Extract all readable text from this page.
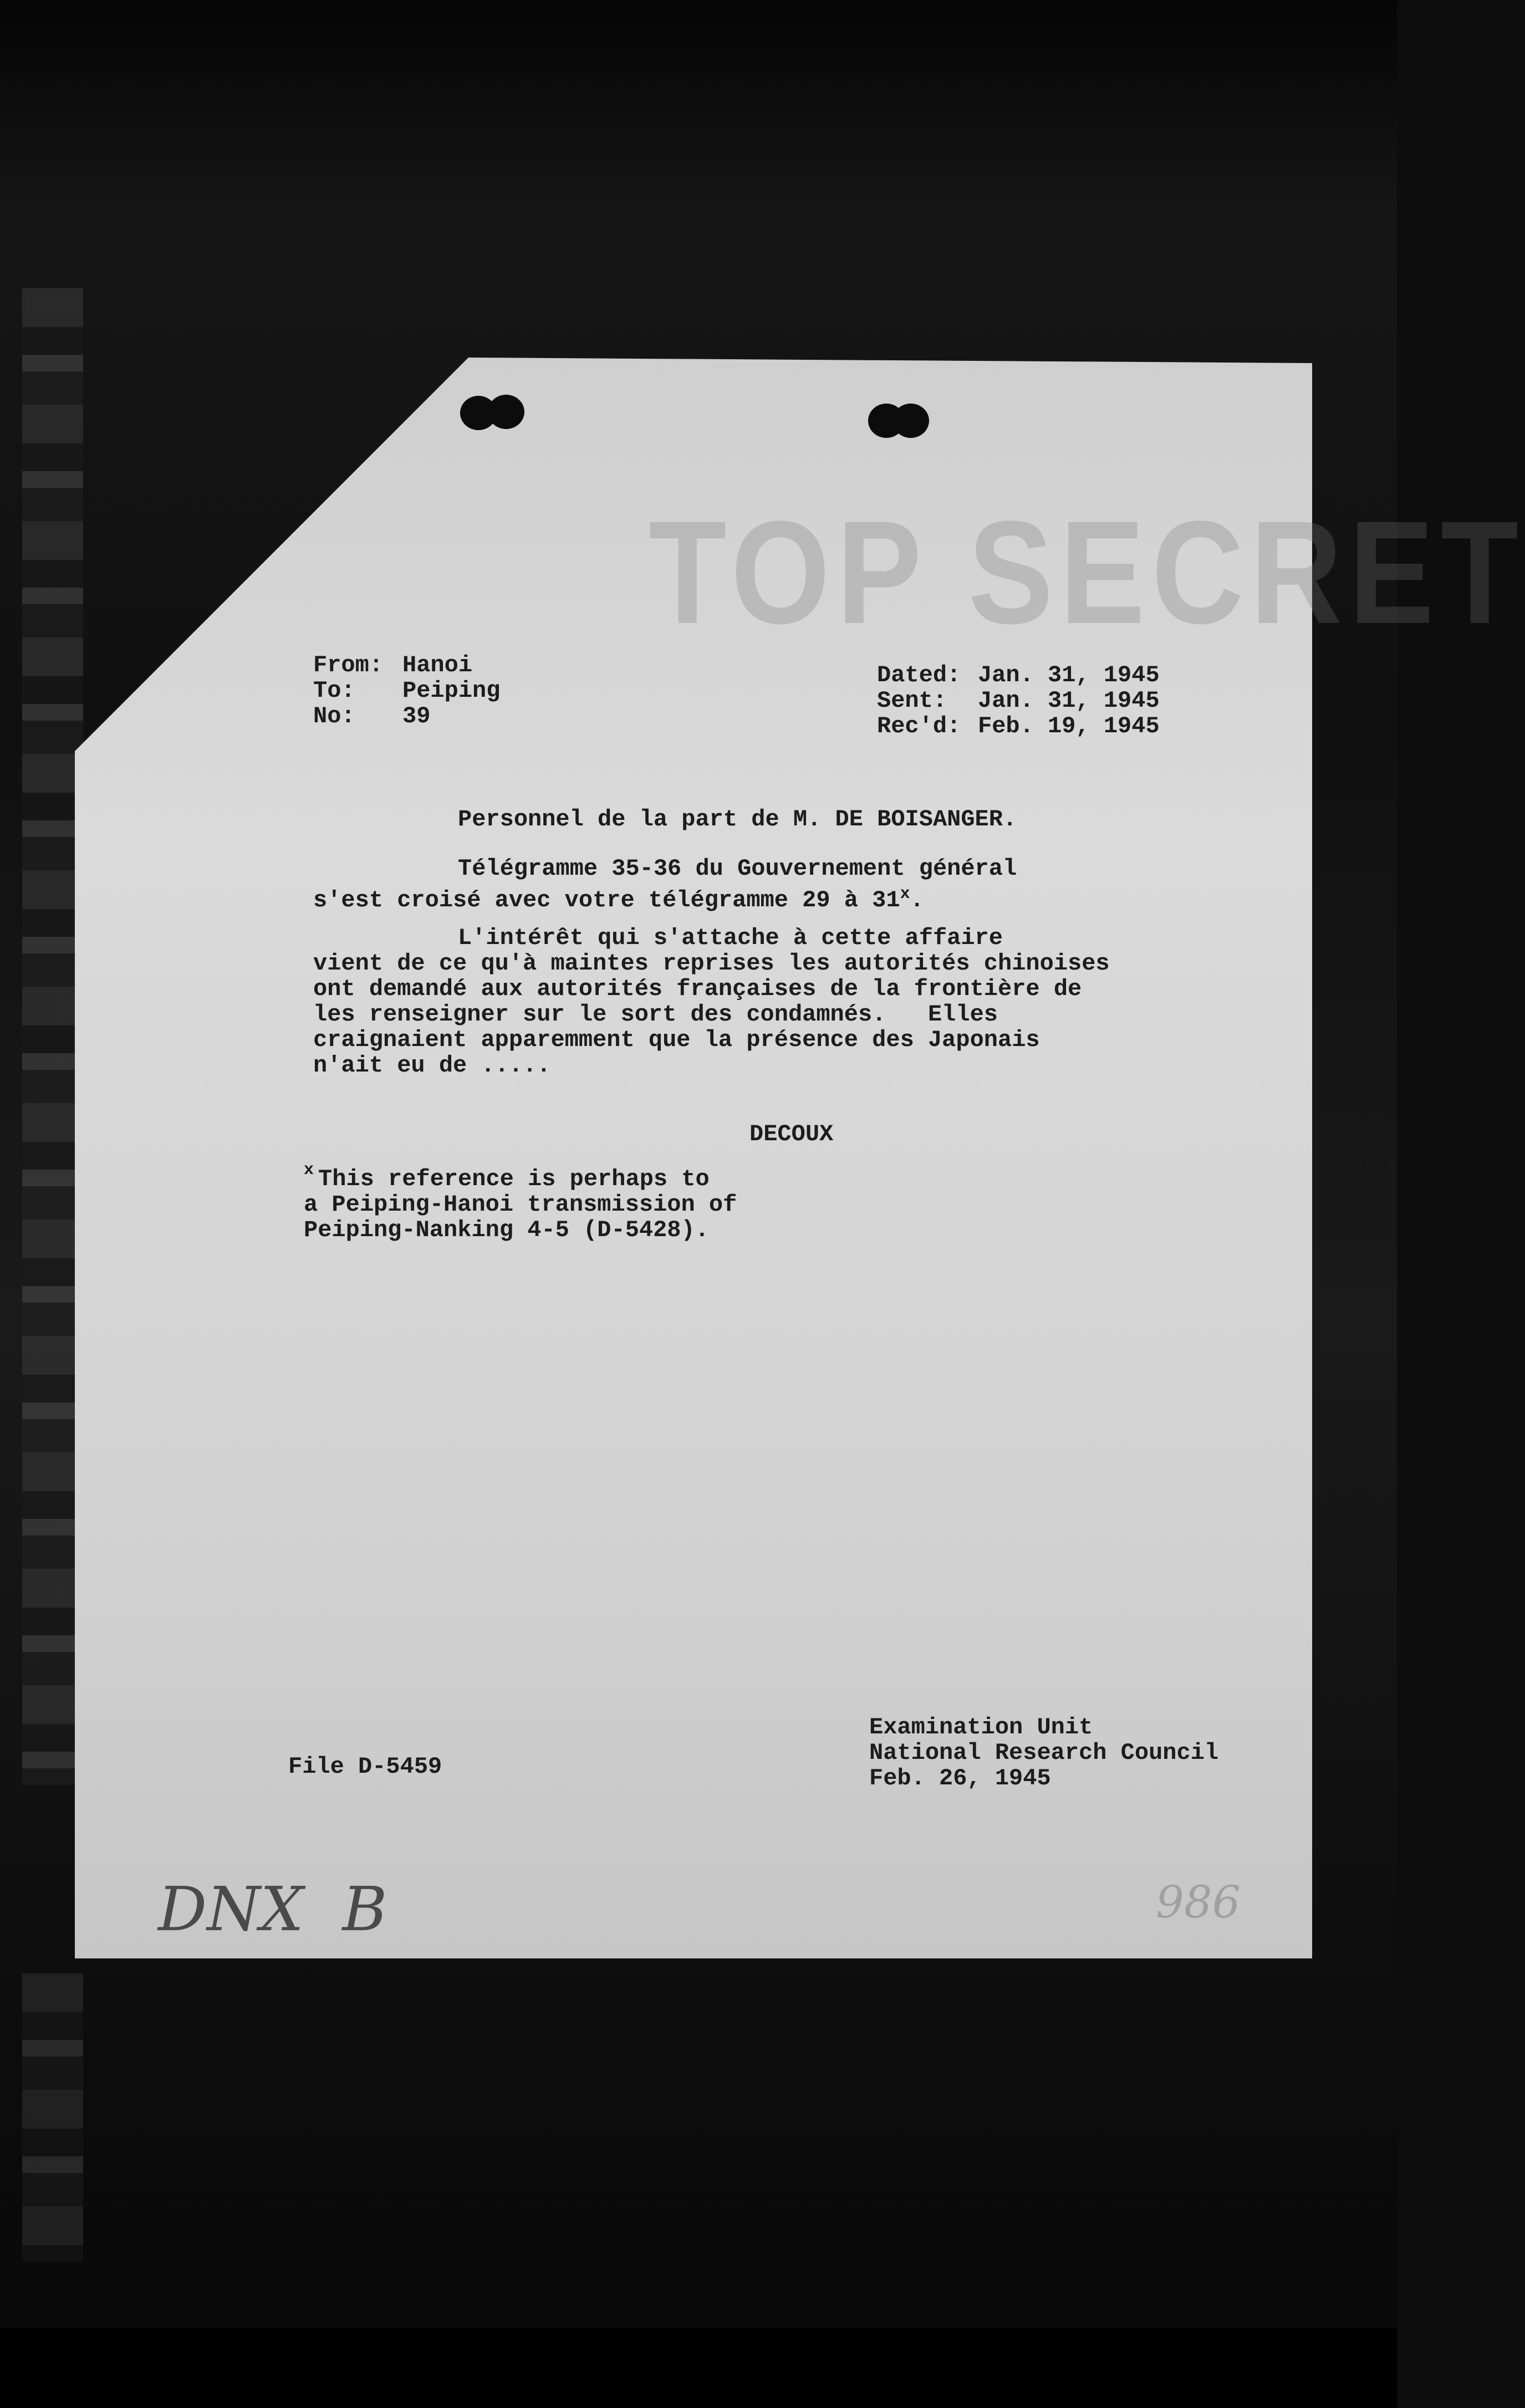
TOP SECRET
From: Hanoi
To: Peiping
No: 39
Dated: Jan. 31, 1945
Sent: Jan. 31, 1945
Rec'd: Feb. 19, 1945
Personnel de la part de M. DE BOISANGER.
Télégramme 35-36 du Gouvernement général
s'est croisé avec votre télégramme 29 à 31$^x$.
L'intérêt qui s'attache à cette affaire
vient de ce qu'à maintes reprises les autorités chinoises
ont demandé aux autorités françaises de la frontière de
les renseigner sur le sort des condamnés.   Elles
craignaient apparemment que la présence des Japonais
n'ait eu de .....
DECOUX
x This reference is perhaps to
a Peiping-Hanoi transmission of
Peiping-Nanking 4-5 (D-5428).
File D-5459
Examination Unit
National Research Council
Feb. 26, 1945
DNX  B	986
